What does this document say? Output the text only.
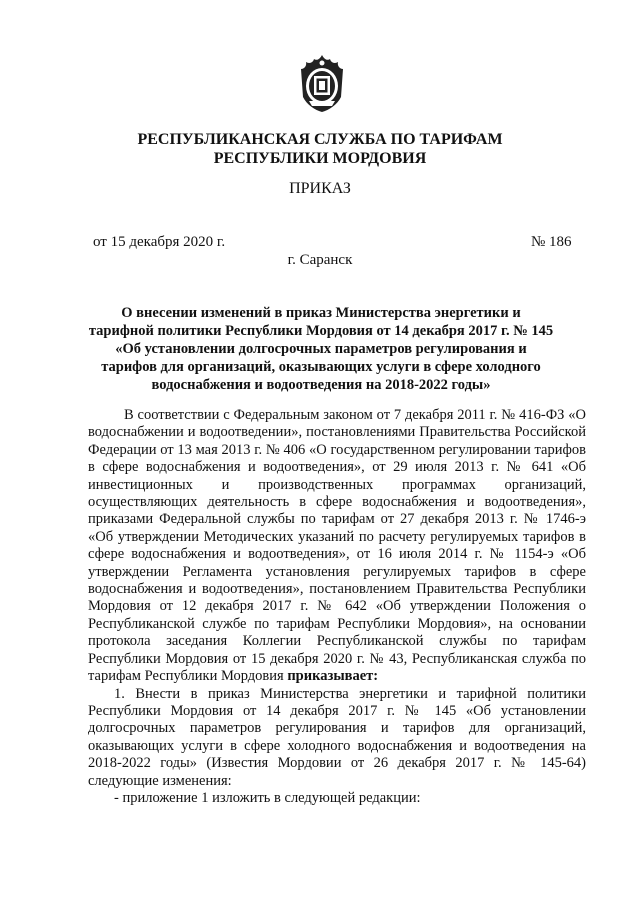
РЕСПУБЛИКАНСКАЯ СЛУЖБА ПО ТАРИФАМ
РЕСПУБЛИКИ МОРДОВИЯ
ПРИКАЗ
от 15 декабря 2020 г.	№ 186
г. Саранск
О внесении изменений в приказ Министерства энергетики и тарифной политики Республики Мордовия от 14 декабря 2017 г. № 145 «Об установлении долгосрочных параметров регулирования и тарифов для организаций, оказывающих услуги в сфере холодного водоснабжения и водоотведения на 2018-2022 годы»

В соответствии с Федеральным законом от 7 декабря 2011 г. № 416-ФЗ «О водоснабжении и водоотведении», постановлениями Правительства Российской Федерации от 13 мая 2013 г. № 406 «О государственном регулировании тарифов в сфере водоснабжения и водоотведения», от 29 июля 2013 г. № 641 «Об инвестиционных и производственных программах организаций, осуществляющих деятельность в сфере водоснабжения и водоотведения», приказами Федеральной службы по тарифам от 27 декабря 2013 г. № 1746-э «Об утверждении Методических указаний по расчету регулируемых тарифов в сфере водоснабжения и водоотведения», от 16 июля 2014 г. № 1154-э «Об утверждении Регламента установления регулируемых тарифов в сфере водоснабжения и водоотведения», постановлением Правительства Республики Мордовия от 12 декабря 2017 г. № 642 «Об утверждении Положения о Республиканской службе по тарифам Республики Мордовия», на основании протокола заседания Коллегии Республиканской службы по тарифам Республики Мордовия от 15 декабря 2020 г. № 43, Республиканская служба по тарифам Республики Мордовия приказывает:

1. Внести в приказ Министерства энергетики и тарифной политики Республики Мордовия от 14 декабря 2017 г. № 145 «Об установлении долгосрочных параметров регулирования и тарифов для организаций, оказывающих услуги в сфере холодного водоснабжения и водоотведения на 2018-2022 годы» (Известия Мордовии от 26 декабря 2017 г. № 145-64) следующие изменения:

- приложение 1 изложить в следующей редакции:
